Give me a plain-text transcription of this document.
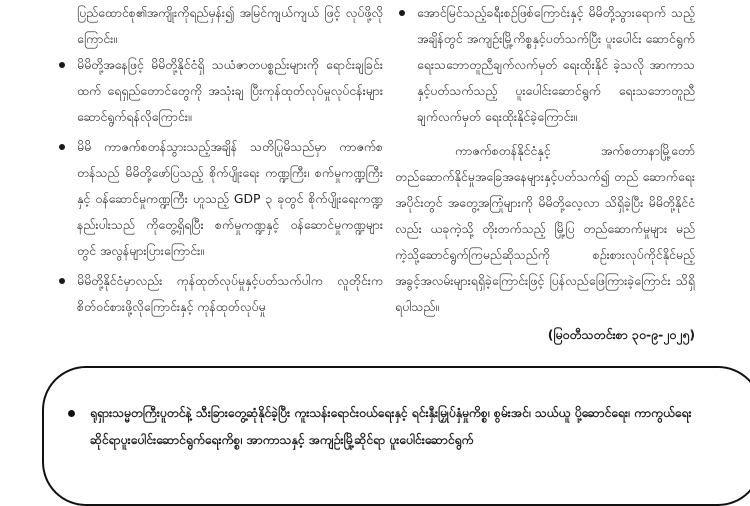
ပြည်ထောင်စု၏အကျိုးကိုရည်မှန်း၍ အမြင်ကျယ်ကျယ် ဖြင့် လုပ်ဖို့လိုကြောင်း။

မိမိတို့အနေဖြင့် မိမိတို့နိုင်ငံရှိ သယံဇာတပစ္စည်းများကို ရောင်းချခြင်းထက် ရေရှည်တောင်တွေကို အသုံးချ ပြီးကုန်ထုတ်လုပ်မှုလုပ်ငန်းများဆောင်ရွက်ရန်လိုကြောင်း။
မိမိ ကာဇက်စတန်သွားသည့်အချိန် သတိပြုမိသည်မှာ ကာဇက်စတန်သည် မိမိတို့ဖော်ပြသည့် စိုက်ပျိုးရေး ကဏ္ဍကြီး၊ စက်မှုကဏ္ဍကြီးနှင့် ဝန်ဆောင်မှုကဏ္ဍကြီး ဟူသည့် GDP ၃ ခုတွင် စိုက်ပျိုးရေးကဏ္ဍနည်းပါးသည် ကိုတွေ့ရှိရပြီး စက်မှုကဏ္ဍနှင့် ဝန်ဆောင်မှုကဏ္ဍများ တွင် အလွန်များပြားကြောင်း။
မိမိတို့နိုင်ငံမှာလည်း ကုန်ထုတ်လုပ်မှုနှင့်ပတ်သက်ပါက လူတိုင်းက စိတ်ဝင်စားဖို့လိုကြောင်းနှင့် ကုန်ထုတ်လုပ်မှု
အောင်မြင်သည့်ခရီးစဉ်ဖြစ်ကြောင်းနှင့် မိမိတို့သွားရောက် သည့်အချိန်တွင် အကျဉ်းမြို့ကိစ္စနှင့်ပတ်သက်ပြီး ပူးပေါင်း ဆောင်ရွက်ရေးသဘောတူညီချက်လက်မှတ် ရေးထိုးနိုင် ခဲ့သလို အာကာသနှင့်ပတ်သက်သည့် ပူးပေါင်းဆောင်ရွက် ရေးသဘောတူညီချက်လက်မှတ် ရေးထိုးနိုင်ခဲ့ကြောင်း။

ကာဇက်စတန်နိုင်ငံနှင့် အက်စတာနာမြို့တော် တည်ဆောက်နိုင်မှုအခြေအနေများနှင့်ပတ်သက်၍ တည် ဆောက်ရေးအပိုင်းတွင် အတွေ့အကြုံများကို မိမိတို့လေ့လာ သိရှိခဲ့ပြီး မိမိတို့နိုင်ငံလည်း ယခုကဲ့သို့ တိုးတက်သည့် မြို့ပြ တည်ဆောက်မှုများ မည်ကဲ့သို့ဆောင်ရွက်ကြမည်ဆိုသည်ကို စဉ်းစားလုပ်ကိုင်နိုင်မည့် အခွင့်အလမ်းများရရှိခဲ့ကြောင်းဖြင့် ပြန်လည်ဖြေကြားခဲ့ကြောင်း သိရှိရပါသည်။

(မြဝတီသတင်းစာ ၃၀-၉-၂၀၂၅)
ရုရှားသမ္မတကြီးပူတင်နဲ့ သီးခြားတွေ့ဆုံနိုင်ခဲ့ပြီး ကူးသန်းရောင်းဝယ်ရေးနှင့် ရင်းနှီးမြှုပ်နှံမှုကိစ္စ၊ စွမ်းအင်၊ သယ်ယူ ပို့ဆောင်ရေး၊ ကာကွယ်ရေးဆိုင်ရာပူးပေါင်းဆောင်ရွက်ရေးကိစ္စ၊ အာကာသနှင့် အကျဉ်းမြို့ဆိုင်ရာ ပူးပေါင်းဆောင်ရွက်
